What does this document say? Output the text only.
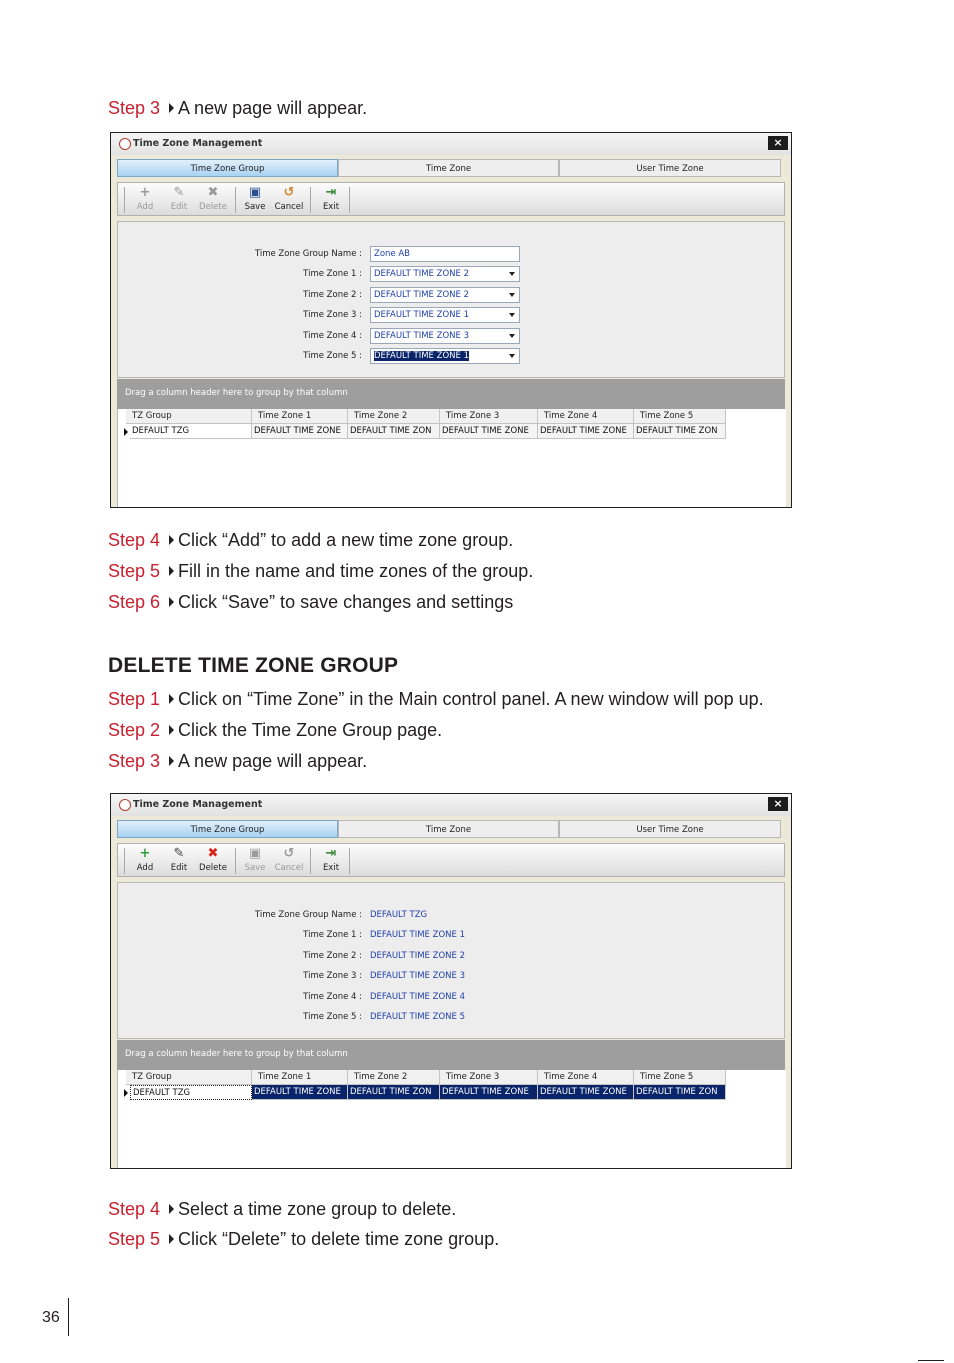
Step 3 A new page will appear.
Time Zone Management	×
Time Zone Group	Time Zone	User Time Zone
+
Add
✎
Edit
✖
Delete
▣
Save
↺
Cancel
⇥
Exit
Time Zone Group Name :
Time Zone 1 :
Time Zone 2 :
Time Zone 3 :
Time Zone 4 :
Time Zone 5 :
Zone AB
DEFAULT TIME ZONE 2
DEFAULT TIME ZONE 2
DEFAULT TIME ZONE 1
DEFAULT TIME ZONE 3
DEFAULT TIME ZONE 1
Drag a column header here to group by that column
TZ Group	Time Zone 1	Time Zone 2	Time Zone 3	Time Zone 4	Time Zone 5
DEFAULT TZG	DEFAULT TIME ZONE	DEFAULT TIME ZON	DEFAULT TIME ZONE	DEFAULT TIME ZONE	DEFAULT TIME ZON
Step 4 Click “Add” to add a new time zone group.
Step 5 Fill in the name and time zones of the group.
Step 6 Click “Save” to save changes and settings
DELETE TIME ZONE GROUP
Step 1 Click on “Time Zone” in the Main control panel. A new window will pop up.
Step 2 Click the Time Zone Group page.
Step 3 A new page will appear.
Time Zone Management	×
Time Zone Group	Time Zone	User Time Zone
+
Add
✎
Edit
✖
Delete
▣
Save
↺
Cancel
⇥
Exit
Time Zone Group Name :
Time Zone 1 :
Time Zone 2 :
Time Zone 3 :
Time Zone 4 :
Time Zone 5 :
DEFAULT TZG
DEFAULT TIME ZONE 1
DEFAULT TIME ZONE 2
DEFAULT TIME ZONE 3
DEFAULT TIME ZONE 4
DEFAULT TIME ZONE 5
Drag a column header here to group by that column
TZ Group	Time Zone 1	Time Zone 2	Time Zone 3	Time Zone 4	Time Zone 5
DEFAULT TZG	DEFAULT TIME ZONE	DEFAULT TIME ZON	DEFAULT TIME ZONE	DEFAULT TIME ZONE	DEFAULT TIME ZON
Step 4 Select a time zone group to delete.
Step 5 Click “Delete” to delete time zone group.
36
